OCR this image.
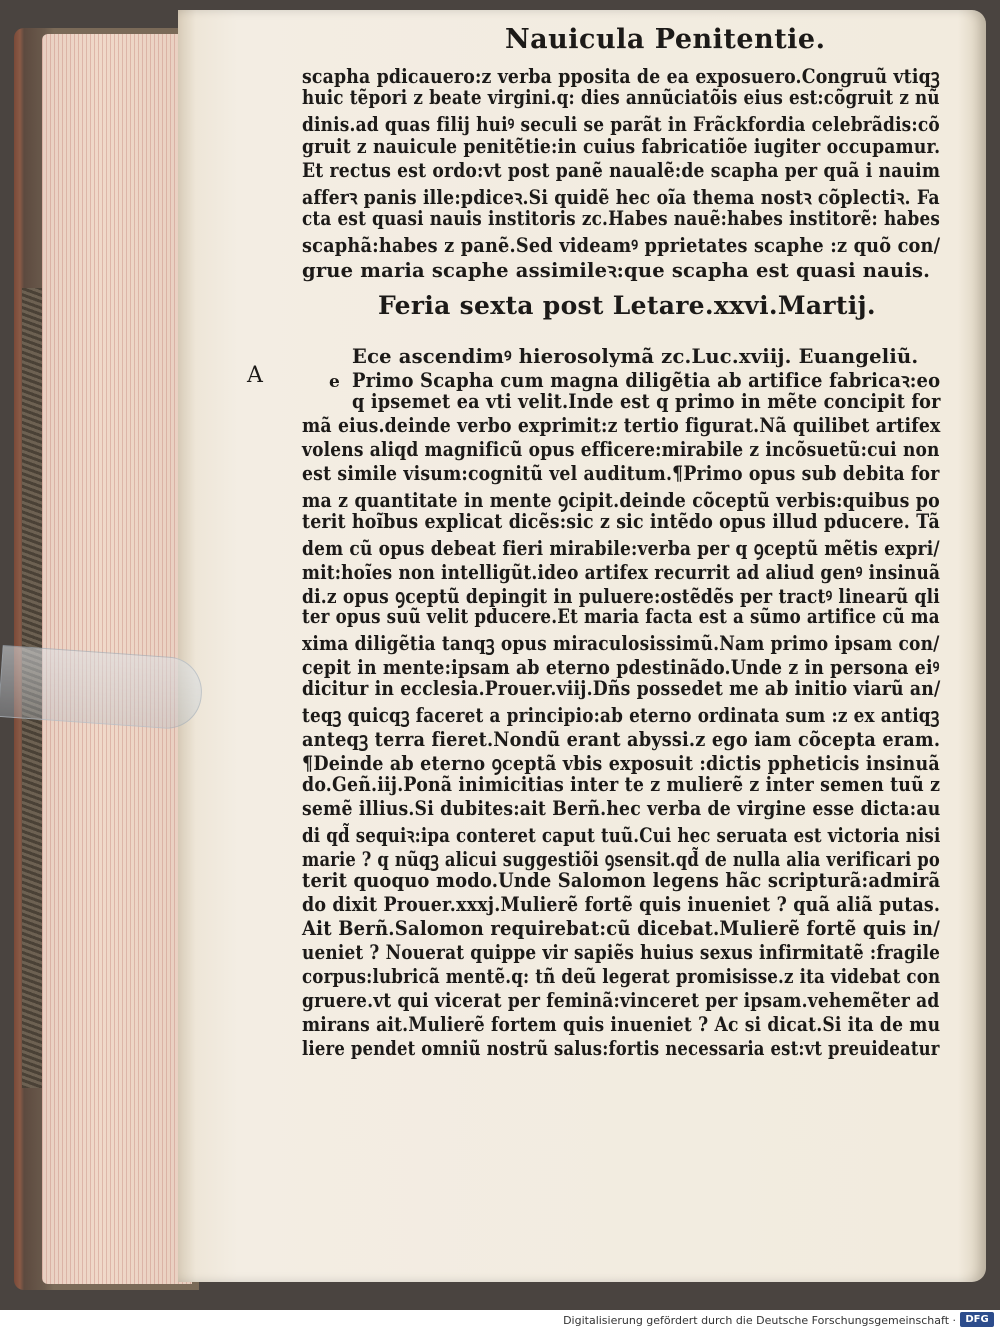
Nauicula Penitentie.
scapha pdicauero:z verba pposita de ea exposuero.Congruũ vtiqꝫ
huic tẽpori z beate virgini.q: dies annũciatõis eius est:cõgruit z nũ
dinis.ad quas filij huiꝰ seculi se parãt in Frãckfordia celebrãdis:cõ
gruit z nauicule penitẽtie:in cuius fabricatiõe iugiter occupamur.
Et rectus est ordo:vt post panẽ naualẽ:de scapha per quã i nauim
afferꝛ panis ille:pdiceꝛ.Si quidẽ hec oĩa thema nostꝛ cõplectiꝛ. Fa
cta est quasi nauis institoris zc.Habes nauẽ:habes institorẽ: habes
scaphã:habes z panẽ.Sed videamꝰ pprietates scaphe :z quõ con/
grue maria scaphe assimileꝛ:que scapha est quasi nauis.
Feria sexta post Letare.xxvi.Martij.
A	e
Ece ascendimꝰ hierosolymã zc.Luc.xviij. Euangeliũ.
Primo Scapha cum magna diligẽtia ab artifice fabricaꝛ:eo
q ipsemet ea vti velit.Inde est q primo in mẽte concipit for
mã eius.deinde verbo exprimit:z tertio figurat.Nã quilibet artifex
volens aliqd magnificũ opus efficere:mirabile z incõsuetũ:cui non
est simile visum:cognitũ vel auditum.¶Primo opus sub debita for
ma z quantitate in mente ꝯcipit.deinde cõceptũ verbis:quibus po
terit hoĩbus explicat dicẽs:sic z sic intẽdo opus illud pducere. Tã
dem cũ opus debeat fieri mirabile:verba per q ꝯceptũ mẽtis expri/
mit:hoĩes non intelligũt.ideo artifex recurrit ad aliud genꝰ insinuã
di.z opus ꝯceptũ depingit in puluere:ostẽdẽs per tractꝰ linearũ qli
ter opus suũ velit pducere.Et maria facta est a sũmo artifice cũ ma
xima diligẽtia tanqꝫ opus miraculosissimũ.Nam primo ipsam con/
cepit in mente:ipsam ab eterno pdestinãdo.Unde z in persona eiꝰ
dicitur in ecclesia.Prouer.viij.Dñs possedet me ab initio viarũ an/
teqꝫ quicqꝫ faceret a principio:ab eterno ordinata sum :z ex antiqꝫ
anteqꝫ terra fieret.Nondũ erant abyssi.z ego iam cõcepta eram.
¶Deinde ab eterno ꝯceptã vbis exposuit :dictis ppheticis insinuã
do.Geñ.iij.Ponã inimicitias inter te z mulierẽ z inter semen tuũ z
semẽ illius.Si dubites:ait Berñ.hec verba de virgine esse dicta:au
di qd̃ sequiꝛ:ipa conteret caput tuũ.Cui hec seruata est victoria nisi
marie ? q nũqꝫ alicui suggestiõi ꝯsensit.qd̃ de nulla alia verificari po
terit quoquo modo.Unde Salomon legens hãc scripturã:admirã
do dixit Prouer.xxxj.Mulierẽ fortẽ quis inueniet ? quã aliã putas.
Ait Berñ.Salomon requirebat:cũ dicebat.Mulierẽ fortẽ quis in/
ueniet ? Nouerat quippe vir sapiẽs huius sexus infirmitatẽ :fragile
corpus:lubricã mentẽ.q: tñ deũ legerat promisisse.z ita videbat con
gruere.vt qui vicerat per feminã:vinceret per ipsam.vehemẽter ad
mirans ait.Mulierẽ fortem quis inueniet ? Ac si dicat.Si ita de mu
liere pendet omniũ nostrũ salus:fortis necessaria est:vt preuideatur
Digitalisierung gefördert durch die Deutsche Forschungsgemeinschaft · DFG
